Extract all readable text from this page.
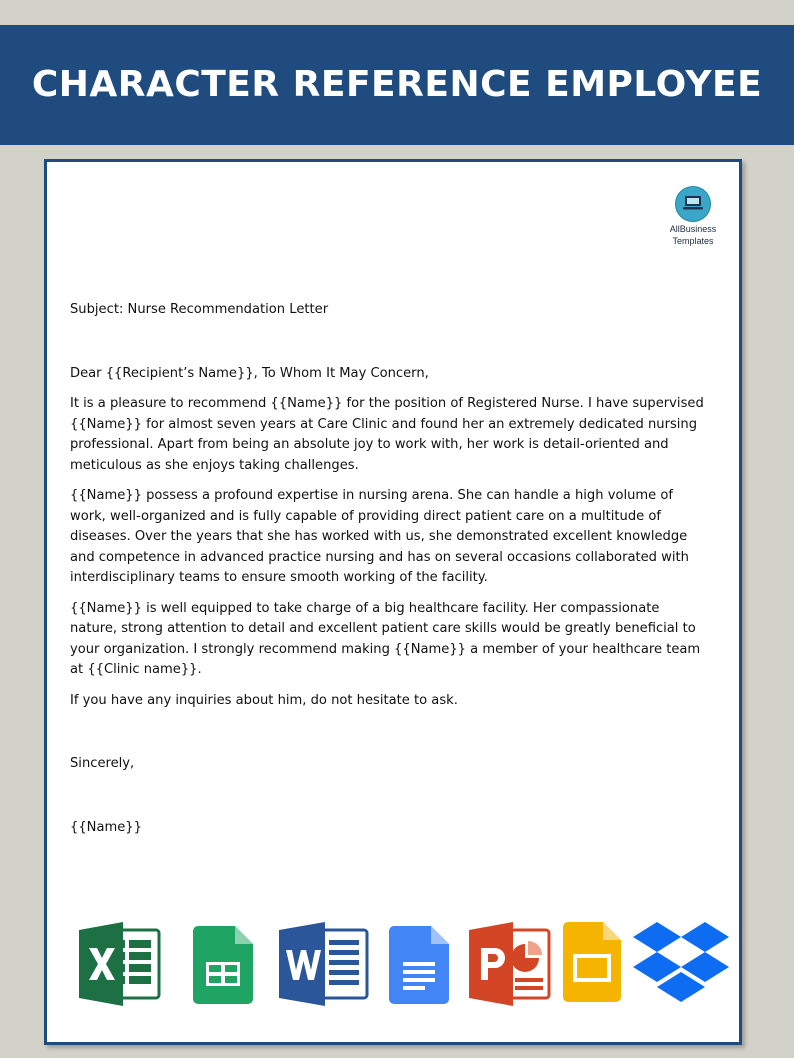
CHARACTER REFERENCE EMPLOYEE
AllBusiness
Templates

Subject: Nurse Recommendation Letter

Dear {{Recipient’s Name}}, To Whom It May Concern,

It is a pleasure to recommend {{Name}} for the position of Registered Nurse. I have supervised {{Name}} for almost seven years at Care Clinic and found her an extremely dedicated nursing professional. Apart from being an absolute joy to work with, her work is detail-oriented and meticulous as she enjoys taking challenges.

{{Name}} possess a profound expertise in nursing arena. She can handle a high volume of work, well-organized and is fully capable of providing direct patient care on a multitude of diseases. Over the years that she has worked with us, she demonstrated excellent knowledge and competence in advanced practice nursing and has on several occasions collaborated with interdisciplinary teams to ensure smooth working of the facility.

{{Name}} is well equipped to take charge of a big healthcare facility. Her compassionate nature, strong attention to detail and excellent patient care skills would be greatly beneficial to your organization. I strongly recommend making {{Name}} a member of your healthcare team at {{Clinic name}}.

If you have any inquiries about him, do not hesitate to ask.

Sincerely,

{{Name}}
